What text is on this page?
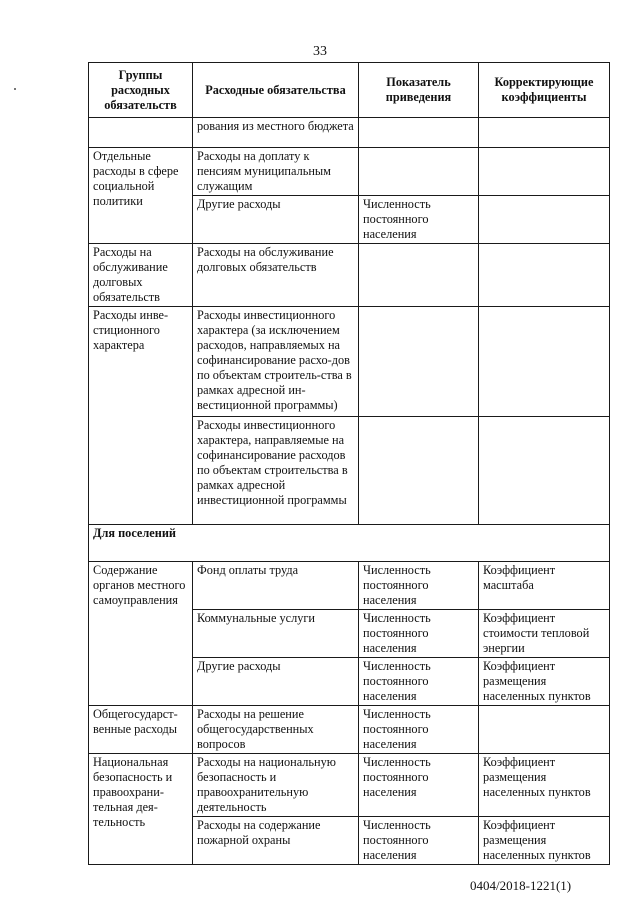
33
Группы расходных обязательств	Расходные обязательства	Показатель приведения	Корректирующие коэффициенты
	рования из местного бюджета		
Отдельные расходы в сфере социальной политики	Расходы на доплату к пенсиям муниципальным служащим		
	Другие расходы	Численность постоянного населения	
Расходы на обслуживание долговых обязательств	Расходы на обслуживание долговых обязательств		
Расходы инве-стиционного характера	Расходы инвестиционного характера (за исключением расходов, направляемых на софинансирование расхо-дов по объектам строитель-ства в рамках адресной ин-вестиционной программы)		
	Расходы инвестиционного характера, направляемые на софинансирование расходов по объектам строительства в рамках адресной инвестиционной программы		
Для поселений			
Содержание органов местного самоуправления	Фонд оплаты труда	Численность постоянного населения	Коэффициент масштаба
	Коммунальные услуги	Численность постоянного населения	Коэффициент стоимости тепловой энергии
	Другие расходы	Численность постоянного населения	Коэффициент размещения населенных пунктов
Общегосударст-венные расходы	Расходы на решение общегосударственных вопросов	Численность постоянного населения	
Национальная безопасность и правоохрани-тельная дея-тельность	Расходы на национальную безопасность и правоохранительную деятельность	Численность постоянного населения	Коэффициент размещения населенных пунктов
	Расходы на содержание пожарной охраны	Численность постоянного населения	Коэффициент размещения населенных пунктов
0404/2018-1221(1)
